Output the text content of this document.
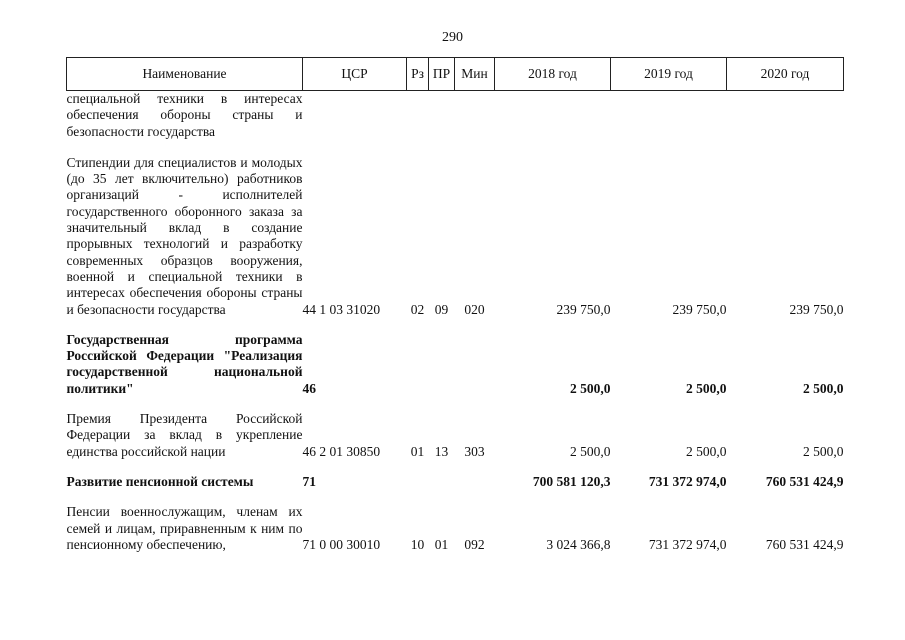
290
Наименование	ЦСР	Рз	ПР	Мин	2018 год	2019 год	2020 год
специальной техники в интересах обеспечения обороны страны и безопасности государства							
Стипендии для специалистов и молодых (до 35 лет включительно) работников организаций - исполнителей государственного оборонного заказа за значительный вклад в создание прорывных технологий и разработку современных образцов вооружения, военной и специальной техники в интересах обеспечения обороны страны и безопасности государства	44 1 03 31020	02	09	020	239 750,0	239 750,0	239 750,0
Государственная программа Российской Федерации "Реализация государственной национальной политики"	46				2 500,0	2 500,0	2 500,0
Премия Президента Российской Федерации за вклад в укрепление единства российской нации	46 2 01 30850	01	13	303	2 500,0	2 500,0	2 500,0
Развитие пенсионной системы	71				700 581 120,3	731 372 974,0	760 531 424,9
Пенсии военнослужащим, членам их семей и лицам, приравненным к ним по пенсионному обеспечению,	71 0 00 30010	10	01	092	3 024 366,8	731 372 974,0	760 531 424,9
